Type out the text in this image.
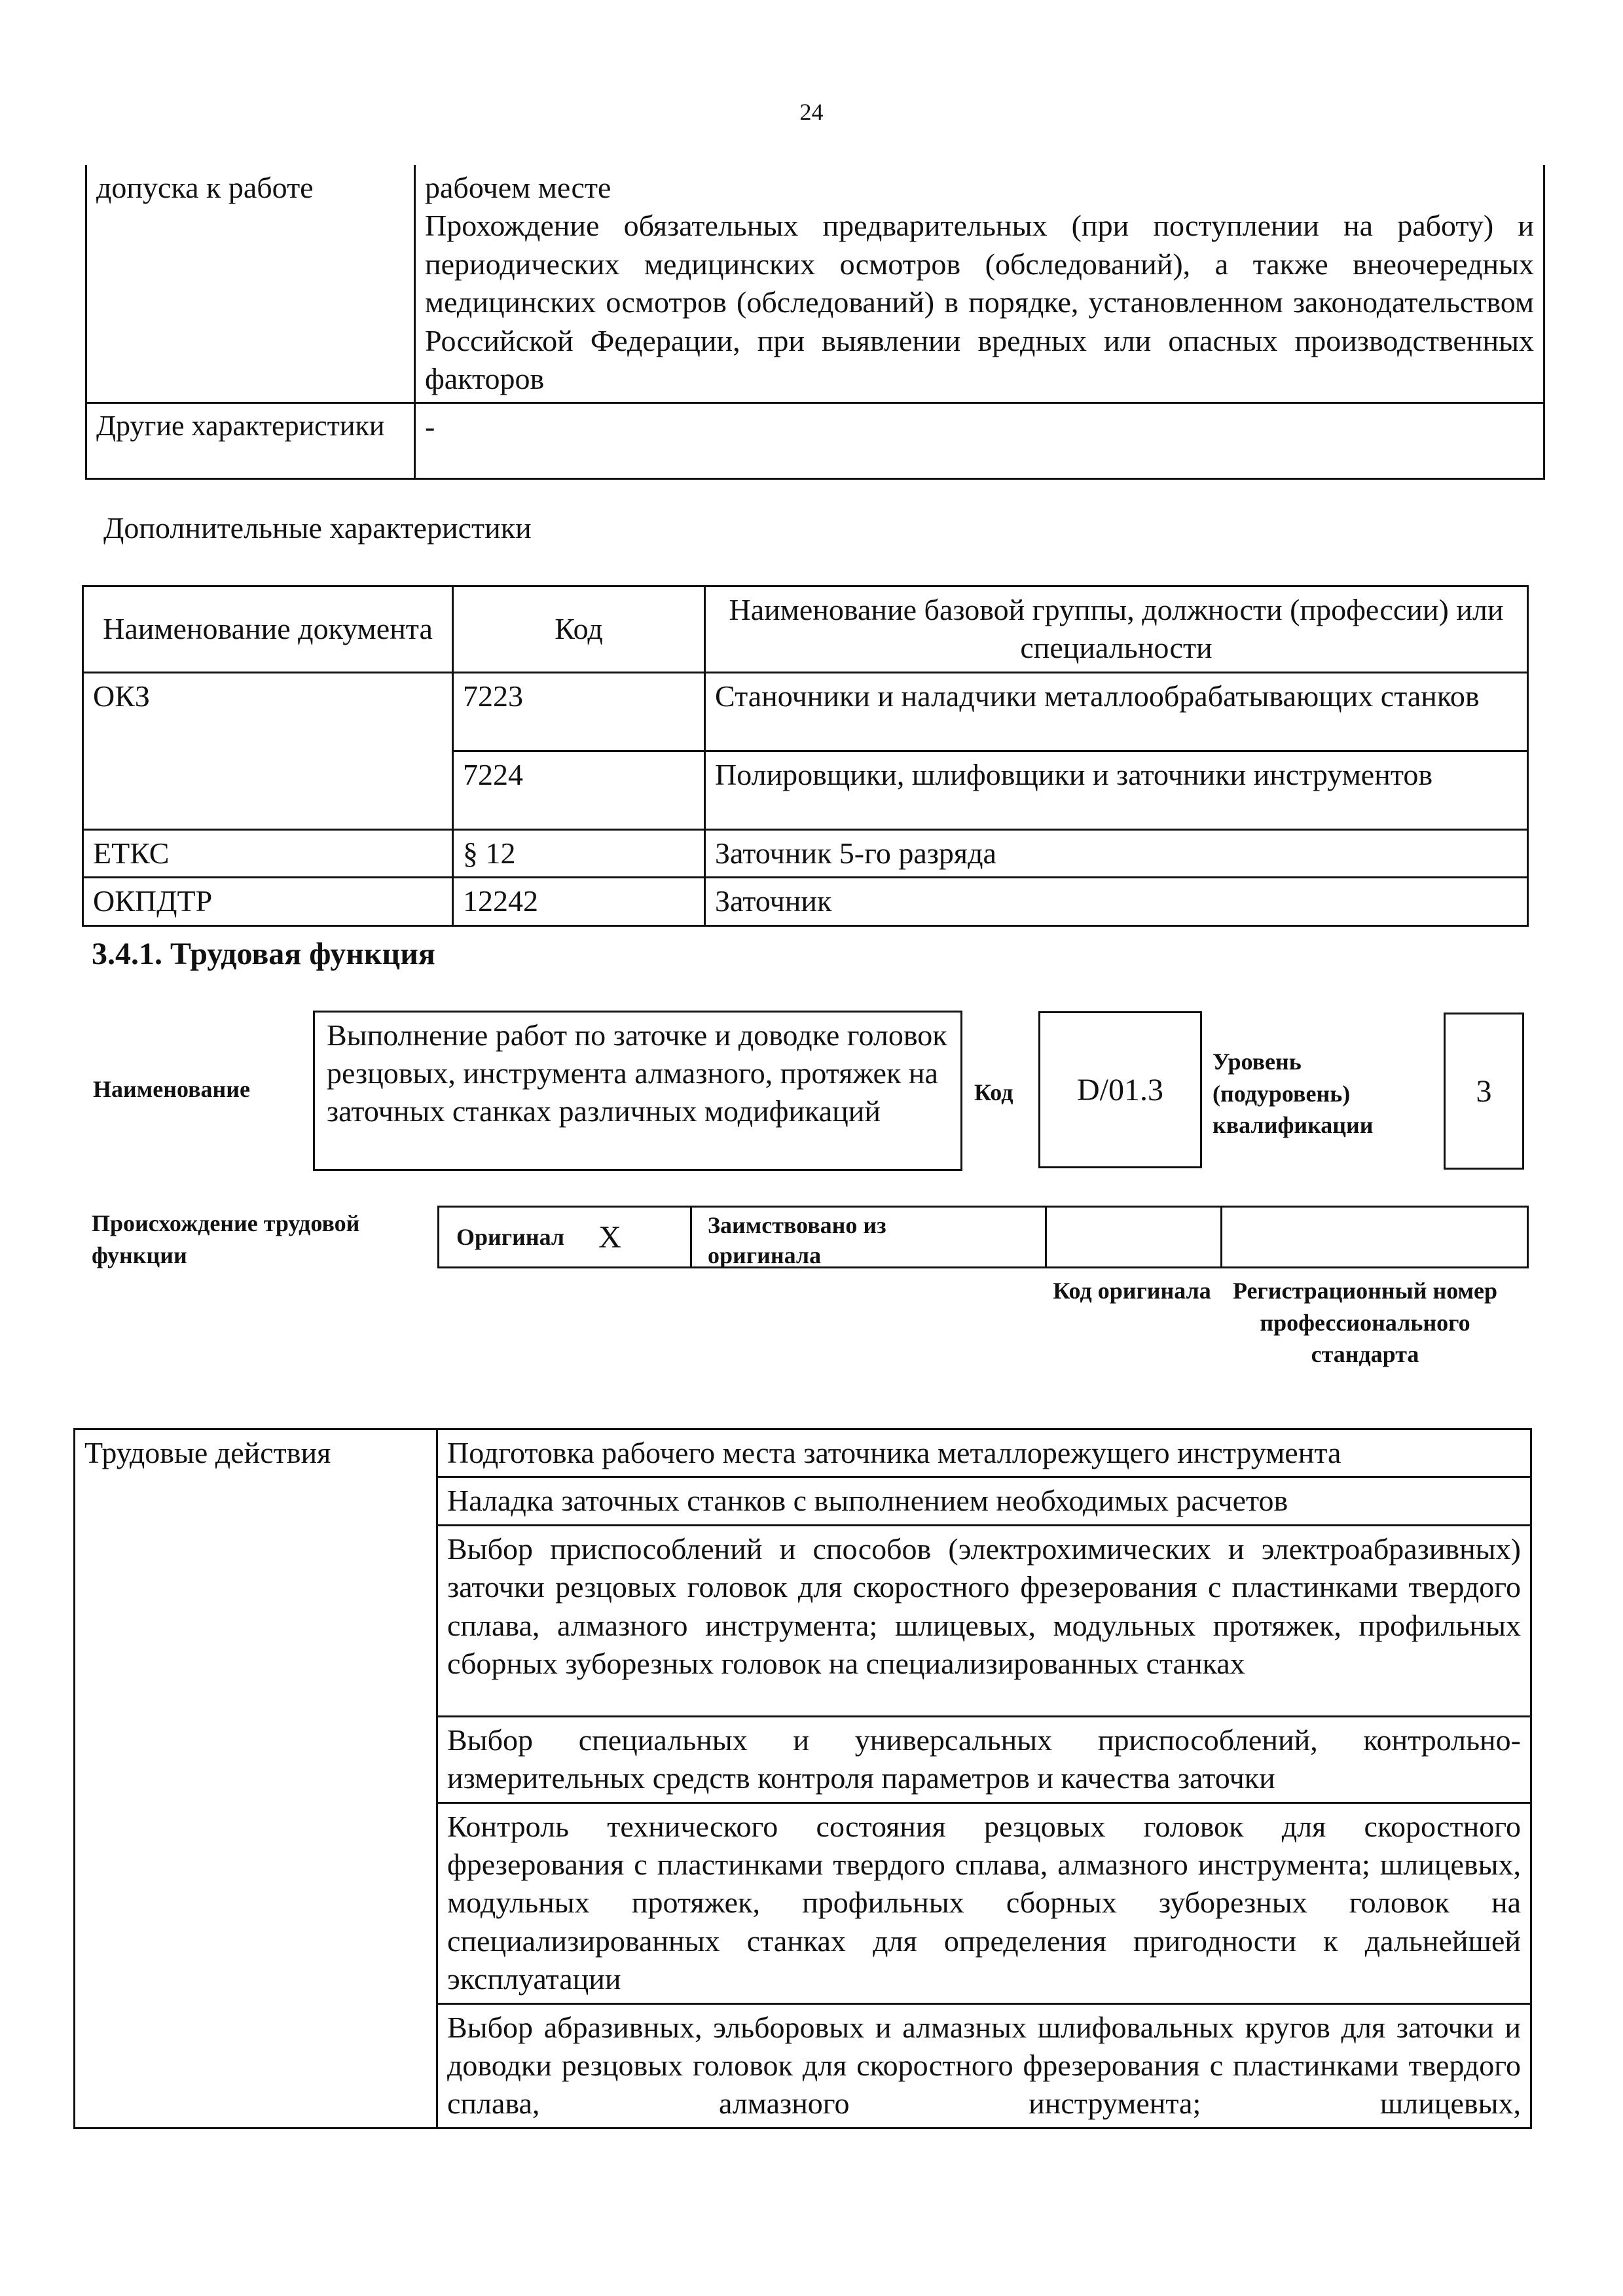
24
допуска к работе	рабочем месте
Прохождение обязательных предварительных (при поступлении на работу) и периодических медицинских осмотров (обследований), а также внеочередных медицинских осмотров (обследований) в порядке, установленном законодательством Российской Федерации, при выявлении вредных или опасных производственных факторов

Другие характеристики	-
Дополнительные характеристики
Наименование документа	Код	Наименование базовой группы, должности (профессии) или специальности
ОКЗ	7223	Станочники и наладчики металлообрабатывающих станков
	7224	Полировщики, шлифовщики и заточники инструментов
ЕТКС	§ 12	Заточник 5-го разряда
ОКПДТР	12242	Заточник
3.4.1. Трудовая функция
Наименование
Выполнение работ по заточке и доводке головок резцовых, инструмента алмазного, протяжек на заточных станках различных модификаций
Код D/01.3
Уровень (подуровень) квалификации
3
Происхождение трудовой функции
Оригинал X	Заимствовано из оригинала
Код оригинала Регистрационный номер профессионального стандарта
Трудовые действия	Подготовка рабочего места заточника металлорежущего инструмента
Наладка заточных станков с выполнением необходимых расчетов
Выбор приспособлений и способов (электрохимических и электроабразивных) заточки резцовых головок для скоростного фрезерования с пластинками твердого сплава, алмазного инструмента; шлицевых, модульных протяжек, профильных сборных зуборезных головок на специализированных станках
Выбор специальных и универсальных приспособлений, контрольно-измерительных средств контроля параметров и качества заточки
Контроль технического состояния резцовых головок для скоростного фрезерования с пластинками твердого сплава, алмазного инструмента; шлицевых, модульных протяжек, профильных сборных зуборезных головок на специализированных станках для определения пригодности к дальнейшей эксплуатации
Выбор абразивных, эльборовых и алмазных шлифовальных кругов для заточки и доводки резцовых головок для скоростного фрезерования с пластинками твердого сплава, алмазного инструмента; шлицевых,
